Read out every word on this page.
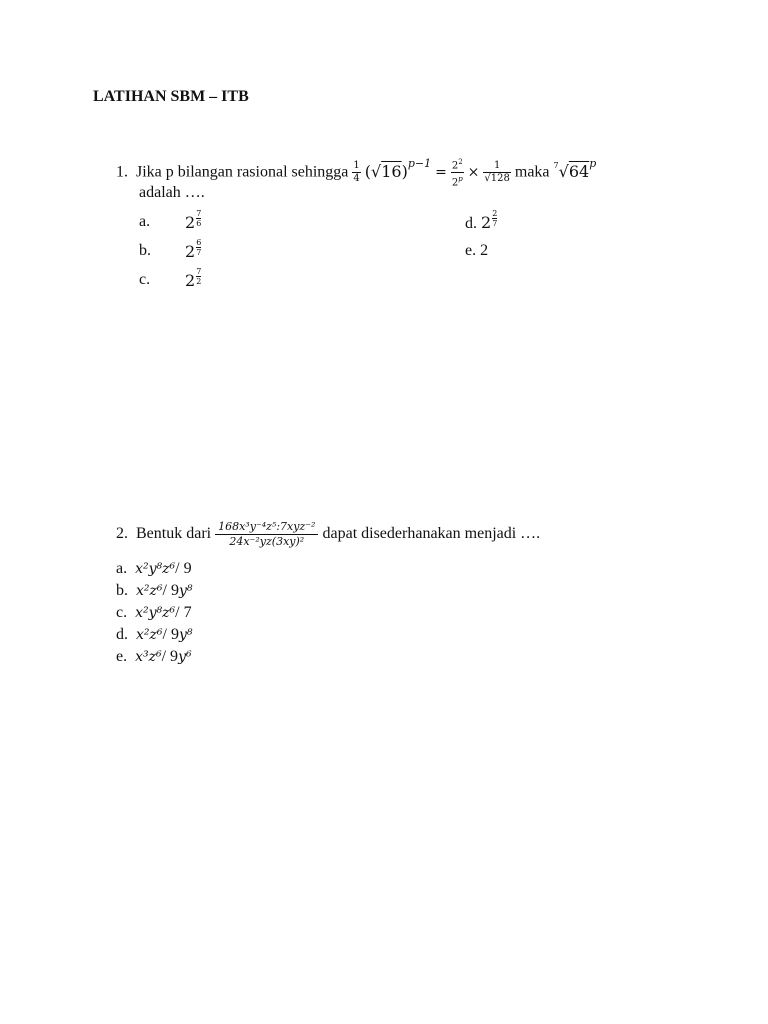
LATIHAN SBM – ITB
1. Jika p bilangan rasional sehingga $\frac{1}{4} (√16)^{p-1} = \frac{2^2}{2^p} \times \frac{1}{√128}$ maka $^7$√64$^p$
adalah ….
a. $2 \frac{7}{6}$
b. $2 \frac{6}{7}$
c. $2 \frac{7}{2}$
d. $2 \frac{2}{7}$
e. 2
2. Bentuk dari $\frac{\text{168x³y⁻⁴z⁵:7xyz⁻²}}{\text{24x⁻²yz(3xy)²}}$ dapat disederhanakan menjadi ….
a. x²y⁸z⁶/ 9
b. x²z⁶/ 9y⁸
c. x²y⁸z⁶/ 7
d. x²z⁶/ 9y⁸
e. x³z⁶/ 9y⁶
